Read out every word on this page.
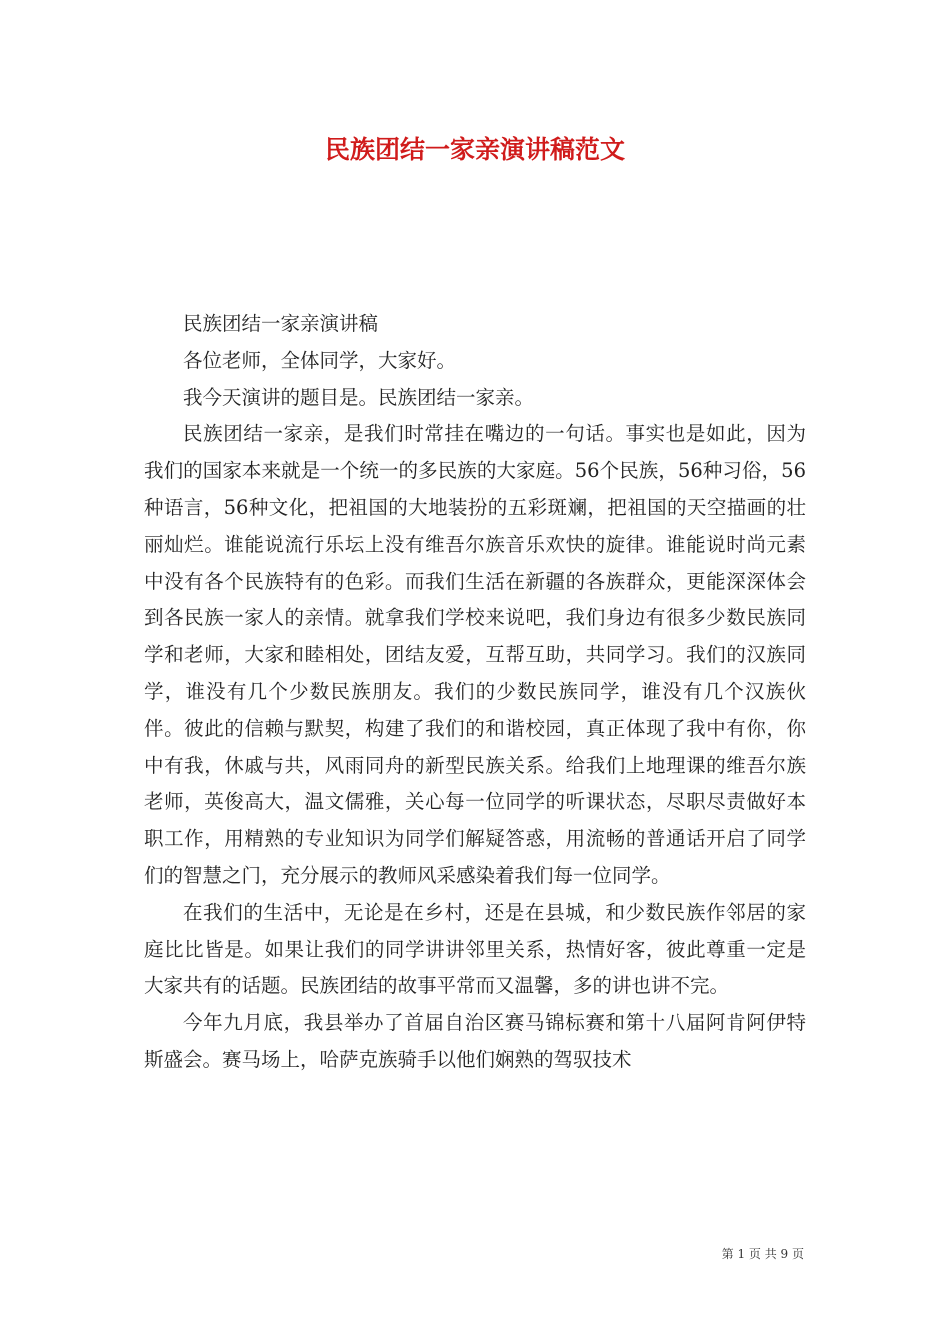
民族团结一家亲演讲稿范文

民族团结一家亲演讲稿

各位老师，全体同学，大家好。

我今天演讲的题目是。民族团结一家亲。

民族团结一家亲，是我们时常挂在嘴边的一句话。事实也是如此，因为我们的国家本来就是一个统一的多民族的大家庭。56个民族，56种习俗，56种语言，56种文化，把祖国的大地装扮的五彩斑斓，把祖国的天空描画的壮丽灿烂。谁能说流行乐坛上没有维吾尔族音乐欢快的旋律。谁能说时尚元素中没有各个民族特有的色彩。而我们生活在新疆的各族群众，更能深深体会到各民族一家人的亲情。就拿我们学校来说吧，我们身边有很多少数民族同学和老师，大家和睦相处，团结友爱，互帮互助，共同学习。我们的汉族同学，谁没有几个少数民族朋友。我们的少数民族同学，谁没有几个汉族伙伴。彼此的信赖与默契，构建了我们的和谐校园，真正体现了我中有你，你中有我，休戚与共，风雨同舟的新型民族关系。给我们上地理课的维吾尔族老师，英俊高大，温文儒雅，关心每一位同学的听课状态，尽职尽责做好本职工作，用精熟的专业知识为同学们解疑答惑，用流畅的普通话开启了同学们的智慧之门，充分展示的教师风采感染着我们每一位同学。

在我们的生活中，无论是在乡村，还是在县城，和少数民族作邻居的家庭比比皆是。如果让我们的同学讲讲邻里关系，热情好客，彼此尊重一定是大家共有的话题。民族团结的故事平常而又温馨，多的讲也讲不完。

今年九月底，我县举办了首届自治区赛马锦标赛和第十八届阿肯阿伊特斯盛会。赛马场上，哈萨克族骑手以他们娴熟的驾驭技术

第 1 页 共 9 页
